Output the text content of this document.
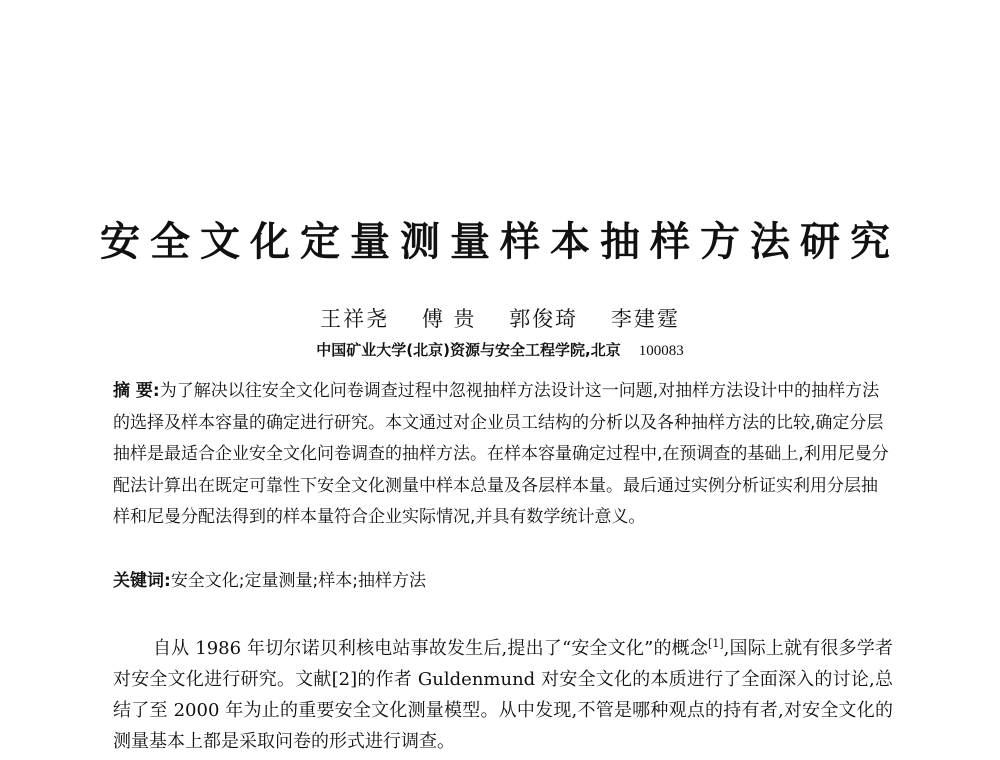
安全文化定量测量样本抽样方法研究
王祥尧 傅 贵 郭俊琦 李建霆
中国矿业大学(北京)资源与安全工程学院,北京 100083
摘 要:为了解决以往安全文化问卷调查过程中忽视抽样方法设计这一问题,对抽样方法设计中的抽样方法的选择及样本容量的确定进行研究。本文通过对企业员工结构的分析以及各种抽样方法的比较,确定分层抽样是最适合企业安全文化问卷调查的抽样方法。在样本容量确定过程中,在预调查的基础上,利用尼曼分配法计算出在既定可靠性下安全文化测量中样本总量及各层样本量。最后通过实例分析证实利用分层抽样和尼曼分配法得到的样本量符合企业实际情况,并具有数学统计意义。
关键词:安全文化;定量测量;样本;抽样方法
自从 1986 年切尔诺贝利核电站事故发生后,提出了“安全文化”的概念[1],国际上就有很多学者对安全文化进行研究。文献[2]的作者 Guldenmund 对安全文化的本质进行了全面深入的讨论,总结了至 2000 年为止的重要安全文化测量模型。从中发现,不管是哪种观点的持有者,对安全文化的测量基本上都是采取问卷的形式进行调查。
